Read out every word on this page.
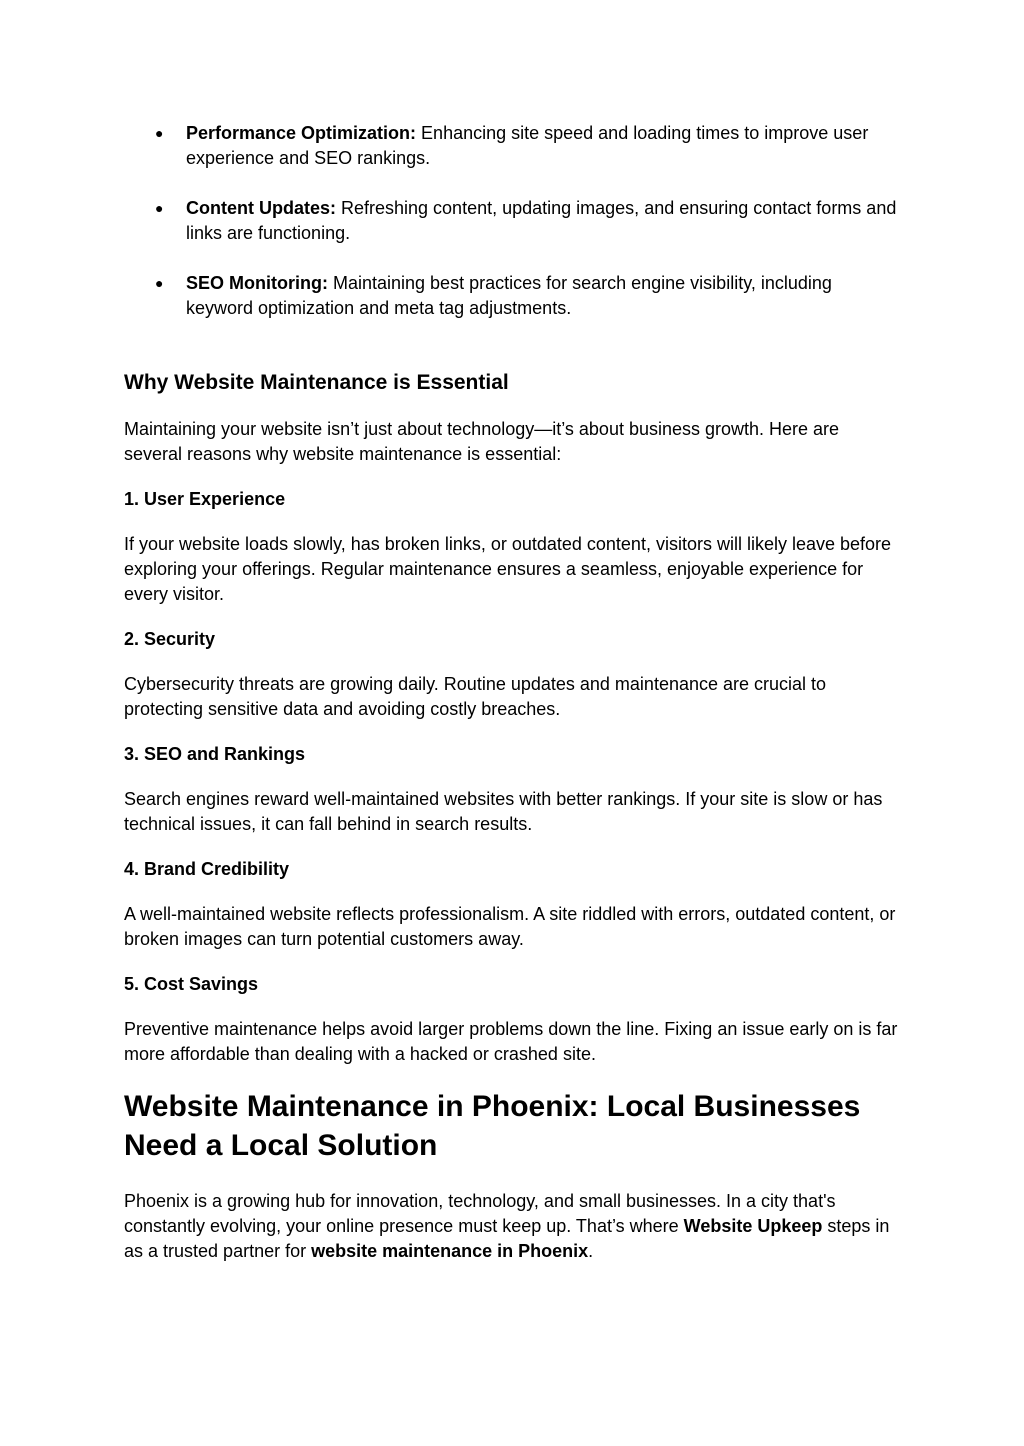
● Performance Optimization: Enhancing site speed and loading times to improve user experience and SEO rankings.
● Content Updates: Refreshing content, updating images, and ensuring contact forms and links are functioning.
● SEO Monitoring: Maintaining best practices for search engine visibility, including keyword optimization and meta tag adjustments.
Why Website Maintenance is Essential

Maintaining your website isn’t just about technology—it’s about business growth. Here are several reasons why website maintenance is essential:

1. User Experience

If your website loads slowly, has broken links, or outdated content, visitors will likely leave before exploring your offerings. Regular maintenance ensures a seamless, enjoyable experience for every visitor.

2. Security

Cybersecurity threats are growing daily. Routine updates and maintenance are crucial to protecting sensitive data and avoiding costly breaches.

3. SEO and Rankings

Search engines reward well-maintained websites with better rankings. If your site is slow or has technical issues, it can fall behind in search results.

4. Brand Credibility

A well-maintained website reflects professionalism. A site riddled with errors, outdated content, or broken images can turn potential customers away.

5. Cost Savings

Preventive maintenance helps avoid larger problems down the line. Fixing an issue early on is far more affordable than dealing with a hacked or crashed site.

Website Maintenance in Phoenix: Local Businesses Need a Local Solution

Phoenix is a growing hub for innovation, technology, and small businesses. In a city that's constantly evolving, your online presence must keep up. That’s where Website Upkeep steps in as a trusted partner for website maintenance in Phoenix.
